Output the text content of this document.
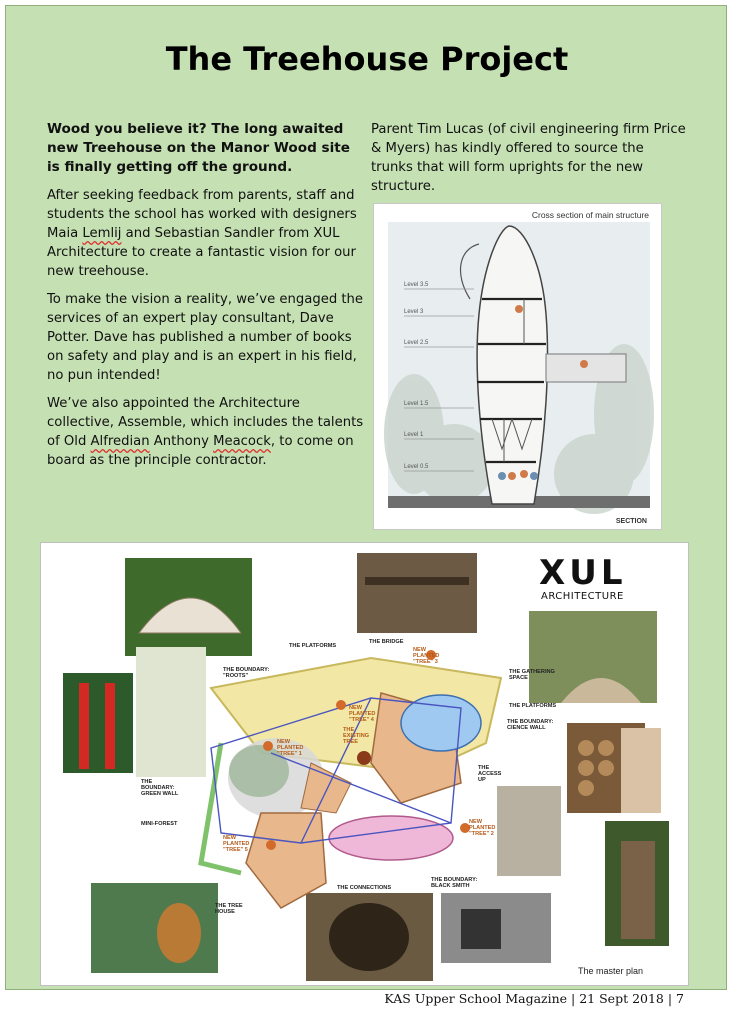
The Treehouse Project

Wood you believe it? The long awaited new Treehouse on the Manor Wood site is finally getting off the ground.

After seeking feedback from parents, staff and students the school has worked with designers Maia Lemlij and Sebastian Sandler from XUL Architecture to create a fantastic vision for our new treehouse.

To make the vision a reality, we’ve engaged the services of an expert play consultant, Dave Potter. Dave has published a number of books on safety and play and is an expert in his field, no pun intended!

We’ve also appointed the Architecture collective, Assemble, which includes the talents of Old Alfredian Anthony Meacock, to come on board as the principle contractor.

Parent Tim Lucas (of civil engineering firm Price & Myers) has kindly offered to source the trunks that will form uprights for the new structure.

Level 3.5
Level 3
Level 2.5
Level 1.5
Level 1
Level 0.5
Cross section of main structure
SECTION
XUL
ARCHITECTURE
THE BRIDGE
THE PLATFORMS
THE BOUNDARY: "ROOTS"
THE GATHERING SPACE
THE PLATFORMS
THE BOUNDARY: CIENCE WALL
THE ACCESS UP
THE BOUNDARY: GREEN WALL
MINI-FOREST
THE CONNECTIONS
THE BOUNDARY: BLACK SMITH
THE TREE HOUSE
NEW PLANTED "TREE" 1
NEW PLANTED "TREE" 2
NEW PLANTED "TREE" 3
NEW PLANTED "TREE" 4
NEW PLANTED "TREE" 5
THE EXISTING TREE
The master plan
KAS Upper School Magazine | 21 Sept 2018 | 7
